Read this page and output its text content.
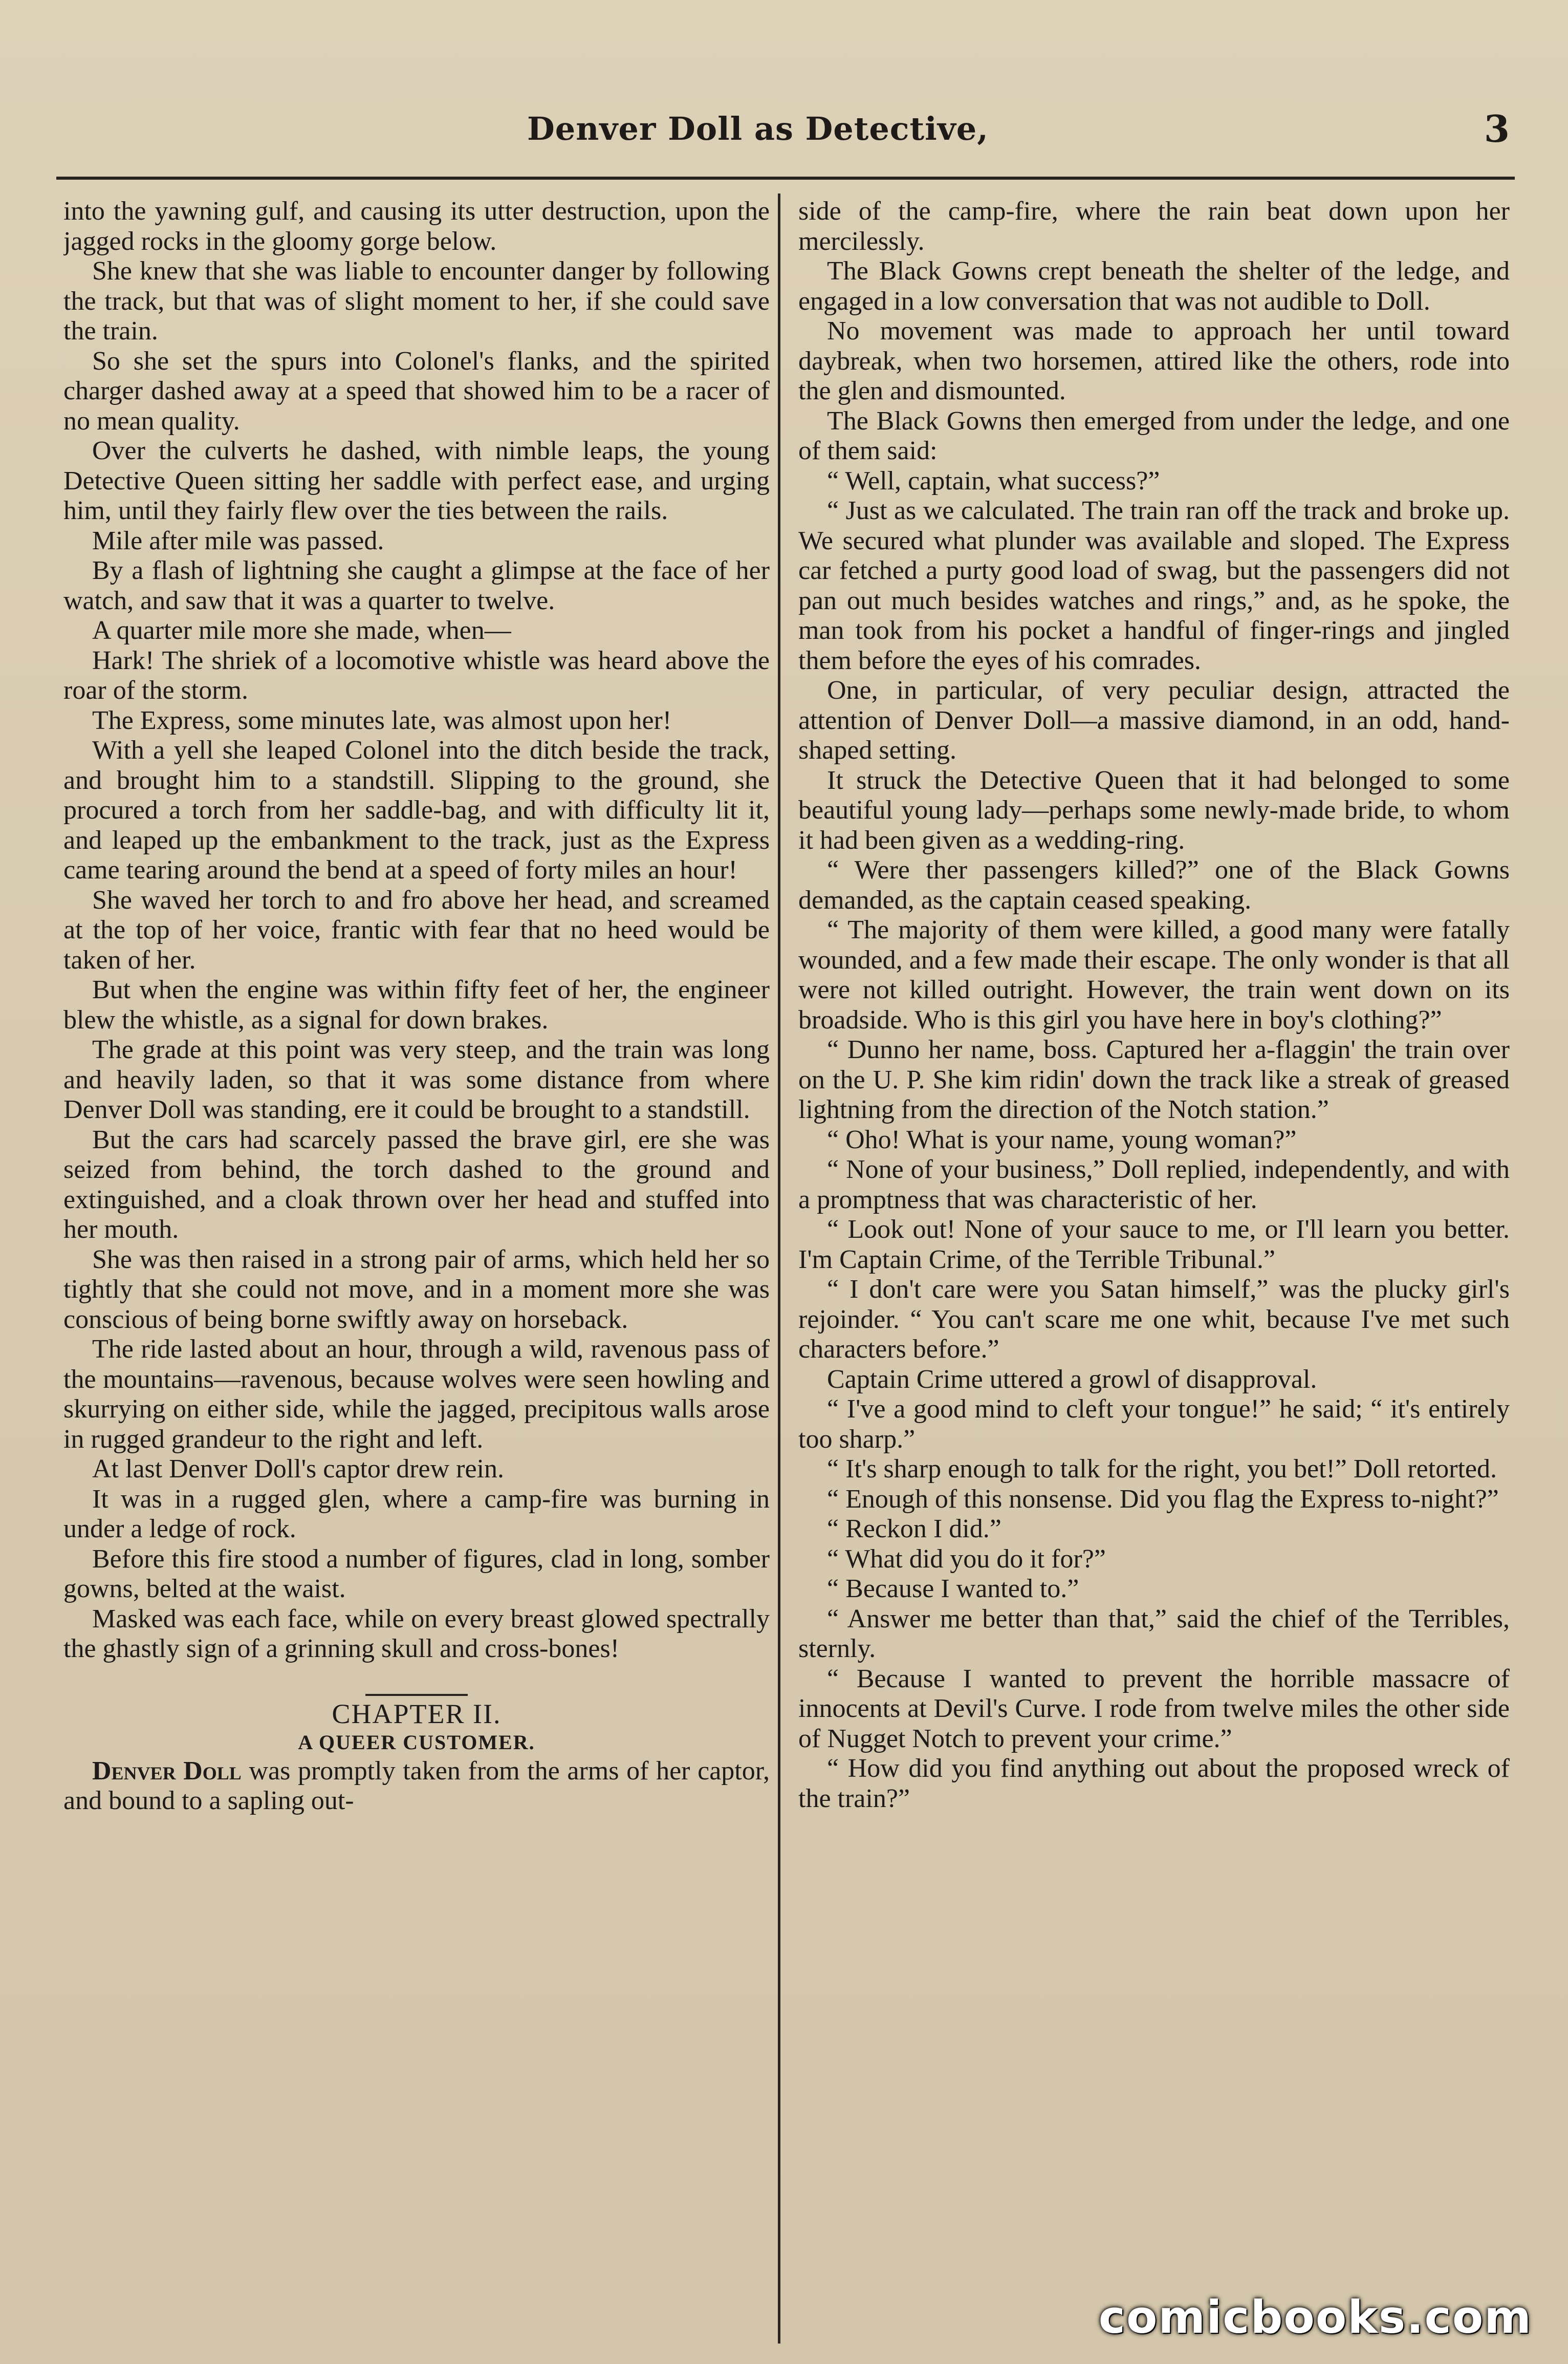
Denver Doll as Detective,	3

into the yawning gulf, and causing its utter destruction, upon the jagged rocks in the gloomy gorge below.

She knew that she was liable to encounter danger by following the track, but that was of slight moment to her, if she could save the train.

So she set the spurs into Colonel's flanks, and the spirited charger dashed away at a speed that showed him to be a racer of no mean quality.

Over the culverts he dashed, with nimble leaps, the young Detective Queen sitting her saddle with perfect ease, and urging him, until they fairly flew over the ties between the rails.

Mile after mile was passed.

By a flash of lightning she caught a glimpse at the face of her watch, and saw that it was a quarter to twelve.

A quarter mile more she made, when—

Hark! The shriek of a locomotive whistle was heard above the roar of the storm.

The Express, some minutes late, was almost upon her!

With a yell she leaped Colonel into the ditch beside the track, and brought him to a standstill. Slipping to the ground, she procured a torch from her saddle-bag, and with difficulty lit it, and leaped up the embankment to the track, just as the Express came tearing around the bend at a speed of forty miles an hour!

She waved her torch to and fro above her head, and screamed at the top of her voice, frantic with fear that no heed would be taken of her.

But when the engine was within fifty feet of her, the engineer blew the whistle, as a signal for down brakes.

The grade at this point was very steep, and the train was long and heavily laden, so that it was some distance from where Denver Doll was standing, ere it could be brought to a standstill.

But the cars had scarcely passed the brave girl, ere she was seized from behind, the torch dashed to the ground and extinguished, and a cloak thrown over her head and stuffed into her mouth.

She was then raised in a strong pair of arms, which held her so tightly that she could not move, and in a moment more she was conscious of being borne swiftly away on horseback.

The ride lasted about an hour, through a wild, ravenous pass of the mountains—ravenous, because wolves were seen howling and skurrying on either side, while the jagged, precipitous walls arose in rugged grandeur to the right and left.

At last Denver Doll's captor drew rein.

It was in a rugged glen, where a camp-fire was burning in under a ledge of rock.

Before this fire stood a number of figures, clad in long, somber gowns, belted at the waist.

Masked was each face, while on every breast glowed spectrally the ghastly sign of a grinning skull and cross-bones!

CHAPTER II.
A QUEER CUSTOMER.

Denver Doll was promptly taken from the arms of her captor, and bound to a sapling out-

side of the camp-fire, where the rain beat down upon her mercilessly.

The Black Gowns crept beneath the shelter of the ledge, and engaged in a low conversation that was not audible to Doll.

No movement was made to approach her until toward daybreak, when two horsemen, attired like the others, rode into the glen and dismounted.

The Black Gowns then emerged from under the ledge, and one of them said:

“ Well, captain, what success?”

“ Just as we calculated. The train ran off the track and broke up. We secured what plunder was available and sloped. The Express car fetched a purty good load of swag, but the passengers did not pan out much besides watches and rings,” and, as he spoke, the man took from his pocket a handful of finger-rings and jingled them before the eyes of his comrades.

One, in particular, of very peculiar design, attracted the attention of Denver Doll—a massive diamond, in an odd, hand-shaped setting.

It struck the Detective Queen that it had belonged to some beautiful young lady—perhaps some newly-made bride, to whom it had been given as a wedding-ring.

“ Were ther passengers killed?” one of the Black Gowns demanded, as the captain ceased speaking.

“ The majority of them were killed, a good many were fatally wounded, and a few made their escape. The only wonder is that all were not killed outright. However, the train went down on its broadside. Who is this girl you have here in boy's clothing?”

“ Dunno her name, boss. Captured her a-flaggin' the train over on the U. P. She kim ridin' down the track like a streak of greased lightning from the direction of the Notch station.”

“ Oho! What is your name, young woman?”

“ None of your business,” Doll replied, independently, and with a promptness that was characteristic of her.

“ Look out! None of your sauce to me, or I'll learn you better. I'm Captain Crime, of the Terrible Tribunal.”

“ I don't care were you Satan himself,” was the plucky girl's rejoinder. “ You can't scare me one whit, because I've met such characters before.”

Captain Crime uttered a growl of disapproval.

“ I've a good mind to cleft your tongue!” he said; “ it's entirely too sharp.”

“ It's sharp enough to talk for the right, you bet!” Doll retorted.

“ Enough of this nonsense. Did you flag the Express to-night?”

“ Reckon I did.”

“ What did you do it for?”

“ Because I wanted to.”

“ Answer me better than that,” said the chief of the Terribles, sternly.

“ Because I wanted to prevent the horrible massacre of innocents at Devil's Curve. I rode from twelve miles the other side of Nugget Notch to prevent your crime.”

“ How did you find anything out about the proposed wreck of the train?”

comicbooks.com
